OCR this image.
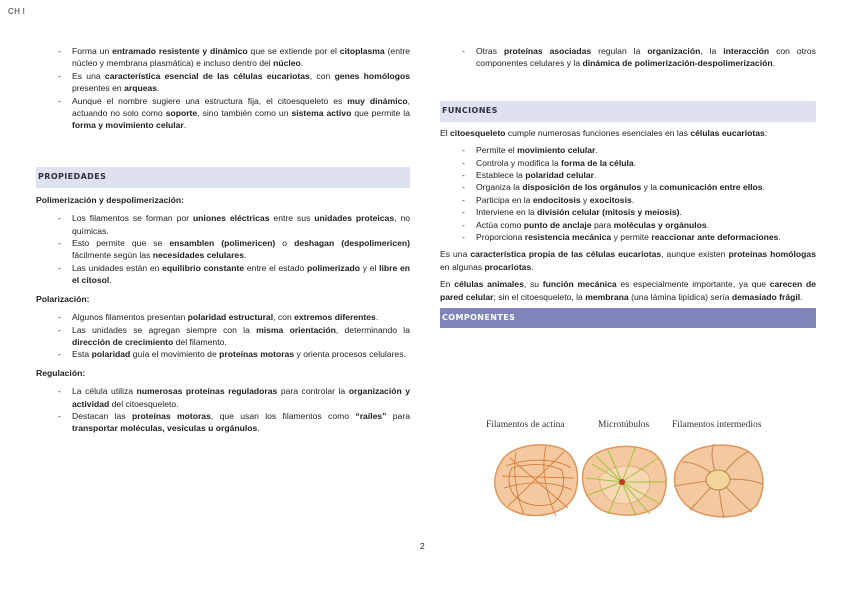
CH I
- Forma un entramado resistente y dinámico que se extiende por el citoplasma (entre núcleo y membrana plasmática) e incluso dentro del núcleo.
- Es una característica esencial de las células eucariotas, con genes homólogos presentes en arqueas.
- Aunque el nombre sugiere una estructura fija, el citoesqueleto es muy dinámico, actuando no solo como soporte, sino también como un sistema activo que permite la forma y movimiento celular.
PROPIEDADES

Polimerización y despolimerización:

- Los filamentos se forman por uniones eléctricas entre sus unidades proteicas, no químicas.
- Esto permite que se ensamblen (polimericen) o deshagan (despolimericen) fácilmente según las necesidades celulares.
- Las unidades están en equilibrio constante entre el estado polimerizado y el libre en el citosol.

Polarización:

- Algunos filamentos presentan polaridad estructural, con extremos diferentes.
- Las unidades se agregan siempre con la misma orientación, determinando la dirección de crecimiento del filamento.
- Esta polaridad guía el movimiento de proteínas motoras y orienta procesos celulares.

Regulación:

- La célula utiliza numerosas proteínas reguladoras para controlar la organización y actividad del citoesqueleto.
- Destacan las proteínas motoras, que usan los filamentos como “raíles” para transportar moléculas, vesículas u orgánulos.
- Otras proteínas asociadas regulan la organización, la interacción con otros componentes celulares y la dinámica de polimerización-despolimerización.
FUNCIONES

El citoesqueleto cumple numerosas funciones esenciales en las células eucariotas:

- Permite el movimiento celular.
- Controla y modifica la forma de la célula.
- Establece la polaridad celular.
- Organiza la disposición de los orgánulos y la comunicación entre ellos.
- Participa en la endocitosis y exocitosis.
- Interviene en la división celular (mitosis y meiosis).
- Actúa como punto de anclaje para moléculas y orgánulos.
- Proporciona resistencia mecánica y permite reaccionar ante deformaciones.

Es una característica propia de las células eucariotas, aunque existen proteínas homólogas en algunas procariotas.

En células animales, su función mecánica es especialmente importante, ya que carecen de pared celular; sin el citoesqueleto, la membrana (una lámina lipídica) sería demasiado frágil.

COMPONENTES
Filamentos de actina	Microtúbulos Filamentos intermedios
2
